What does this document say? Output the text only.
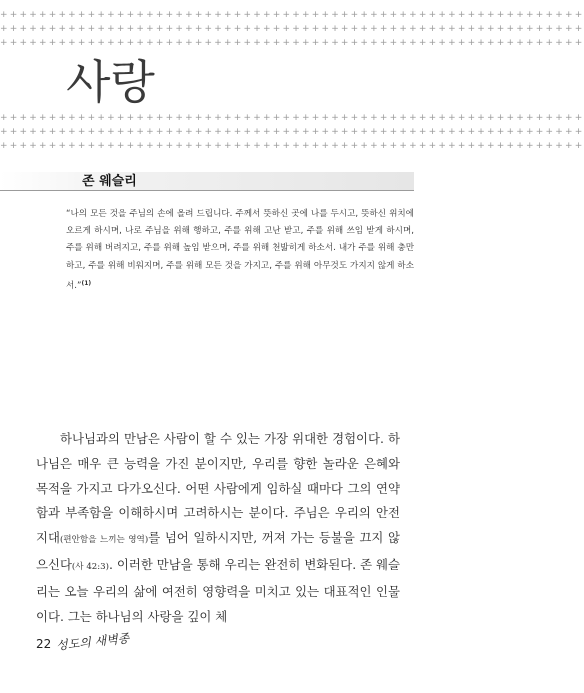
++++++++++++++++++++++++++++++++++++++++++++++++++++++++++++
++++++++++++++++++++++++++++++++++++++++++++++++++++++++++++
++++++++++++++++++++++++++++++++++++++++++++++++++++++++++++
++++++++++++++++++++++++++++++++++++++++++++++++++++++++++++
++++++++++++++++++++++++++++++++++++++++++++++++++++++++++++
++++++++++++++++++++++++++++++++++++++++++++++++++++++++++++
사랑
존 웨슬리

“나의 모든 것을 주님의 손에 올려 드립니다. 주께서 뜻하신 곳에 나를 두시고, 뜻하신 위치에 오르게 하시며, 나로 주님을 위해 행하고, 주를 위해 고난 받고, 주를 위해 쓰임 받게 하시며, 주를 위해 버려지고, 주를 위해 높임 받으며, 주를 위해 천밟히게 하소서. 내가 주를 위해 충만하고, 주를 위해 비워지며, 주를 위해 모든 것을 가지고, 주를 위해 아무것도 가지지 않게 하소서.”$^{(1)}$

하나님과의 만남은 사람이 할 수 있는 가장 위대한 경험이다. 하나님은 매우 큰 능력을 가진 분이지만, 우리를 향한 놀라운 은혜와 목적을 가지고 다가오신다. 어떤 사람에게 임하실 때마다 그의 연약함과 부족함을 이해하시며 고려하시는 분이다. 주님은 우리의 안전지대(편안함을 느끼는 영역)를 넘어 일하시지만, 꺼져 가는 등불을 끄지 않으신다(사 42:3). 이러한 만남을 통해 우리는 완전히 변화된다. 존 웨슬리는 오늘 우리의 삶에 여전히 영향력을 미치고 있는 대표적인 인물이다. 그는 하나님의 사랑을 깊이 체

22 성도의 새벽종
